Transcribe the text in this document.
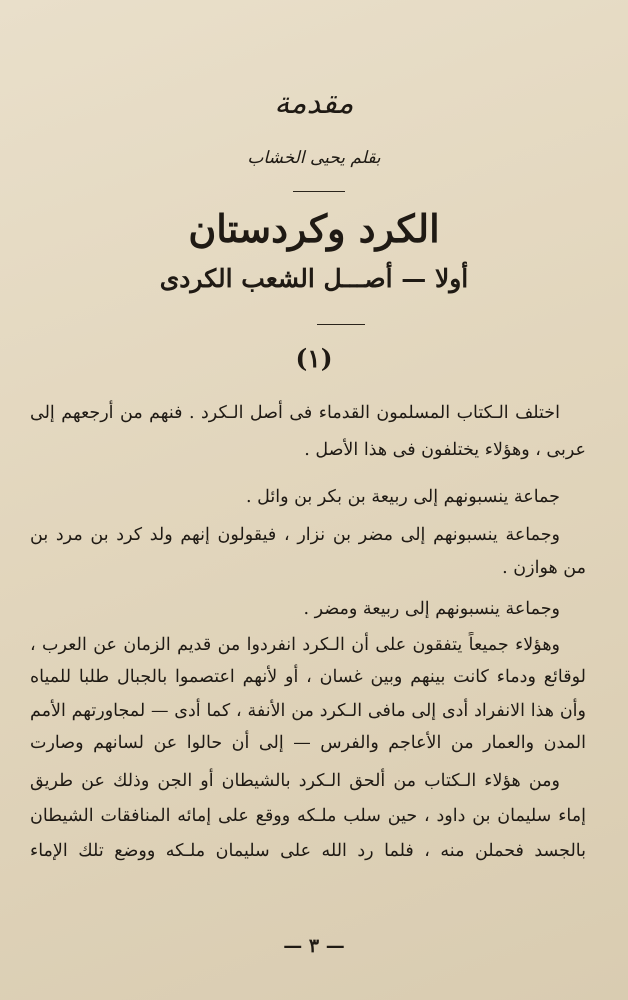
مقدمة
بقلم يحيى الخشاب
الكرد وكردستان
أولا — أصـــل الشعب الكردى
(١)
اختلف الـكتاب المسلمون القدماء فى أصل الـكرد . فنهم من أرجعهم إلى
عربى ، وهؤلاء يختلفون فى هذا الأصل .
جماعة ينسبونهم إلى ربيعة بن بكر بن وائل .
وجماعة ينسبونهم إلى مضر بن نزار ، فيقولون إنهم ولد كرد بن مرد بن
من هوازن .
وجماعة ينسبونهم إلى ربيعة ومضر .
وهؤلاء جميعاً يتفقون على أن الـكرد انفردوا من قديم الزمان عن العرب ،
لوقائع ودماء كانت بينهم وبين غسان ، أو لأنهم اعتصموا بالجبال طلبا للمياه
وأن هذا الانفراد أدى إلى مافى الـكرد من الأنفة ، كما أدى — لمجاورتهم الأمم
المدن والعمار من الأعاجم والفرس — إلى أن حالوا عن لسانهم وصارت
ومن هؤلاء الـكتاب من ألحق الـكرد بالشيطان أو الجن وذلك عن طريق
إماء سليمان بن داود ، حين سلب ملـكه ووقع على إمائه المنافقات الشيطان
بالجسد فحملن منه ، فلما رد الله على سليمان ملـكه ووضع تلك الإماء
— ٣ —
